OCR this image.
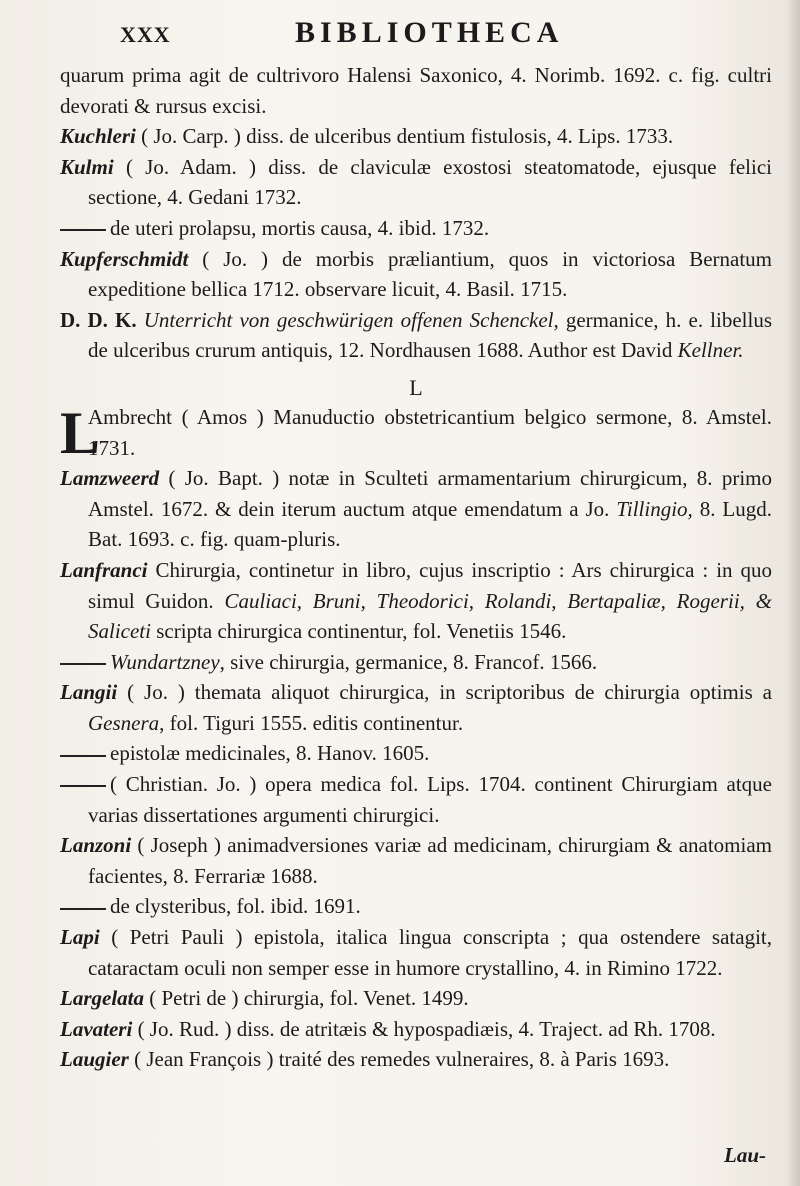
XXX	BIBLIOTHECA

quarum prima agit de cultrivoro Halensi Saxonico, 4. Norimb. 1692. c. fig. cultri devorati & rursus excisi.

Kuchleri ( Jo. Carp. ) diss. de ulceribus dentium fistulosis, 4. Lips. 1733.

Kulmi ( Jo. Adam. ) diss. de claviculæ exostosi steatomatode, ejusque felici sectione, 4. Gedani 1732.

de uteri prolapsu, mortis causa, 4. ibid. 1732.

Kupferschmidt ( Jo. ) de morbis præliantium, quos in victoriosa Bernatum expeditione bellica 1712. observare licuit, 4. Basil. 1715.

D. D. K. Unterricht von geschwürigen offenen Schenckel, germanice, h. e. libellus de ulceribus crurum antiquis, 12. Nordhausen 1688. Author est David Kellner.

L

L
Ambrecht ( Amos ) Manuductio obstetricantium belgico sermone, 8. Amstel. 1731.

Lamzweerd ( Jo. Bapt. ) notæ in Sculteti armamentarium chirurgicum, 8. primo Amstel. 1672. & dein iterum auctum atque emendatum a Jo. Tillingio, 8. Lugd. Bat. 1693. c. fig. quam-pluris.

Lanfranci Chirurgia, continetur in libro, cujus inscriptio : Ars chirurgica : in quo simul Guidon. Cauliaci, Bruni, Theodorici, Rolandi, Bertapaliæ, Rogerii, & Saliceti scripta chirurgica continentur, fol. Venetiis 1546.

Wundartzney, sive chirurgia, germanice, 8. Francof. 1566.

Langii ( Jo. ) themata aliquot chirurgica, in scriptoribus de chirurgia optimis a Gesnera, fol. Tiguri 1555. editis continentur.

epistolæ medicinales, 8. Hanov. 1605.

( Christian. Jo. ) opera medica fol. Lips. 1704. continent Chirurgiam atque varias dissertationes argumenti chirurgici.

Lanzoni ( Joseph ) animadversiones variæ ad medicinam, chirurgiam & anatomiam facientes, 8. Ferrariæ 1688.

de clysteribus, fol. ibid. 1691.

Lapi ( Petri Pauli ) epistola, italica lingua conscripta ; qua ostendere satagit, cataractam oculi non semper esse in humore crystallino, 4. in Rimino 1722.

Largelata ( Petri de ) chirurgia, fol. Venet. 1499.

Lavateri ( Jo. Rud. ) diss. de atritæis & hypospadiæis, 4. Traject. ad Rh. 1708.

Laugier ( Jean François ) traité des remedes vulneraires, 8. à Paris 1693.

Lau-
